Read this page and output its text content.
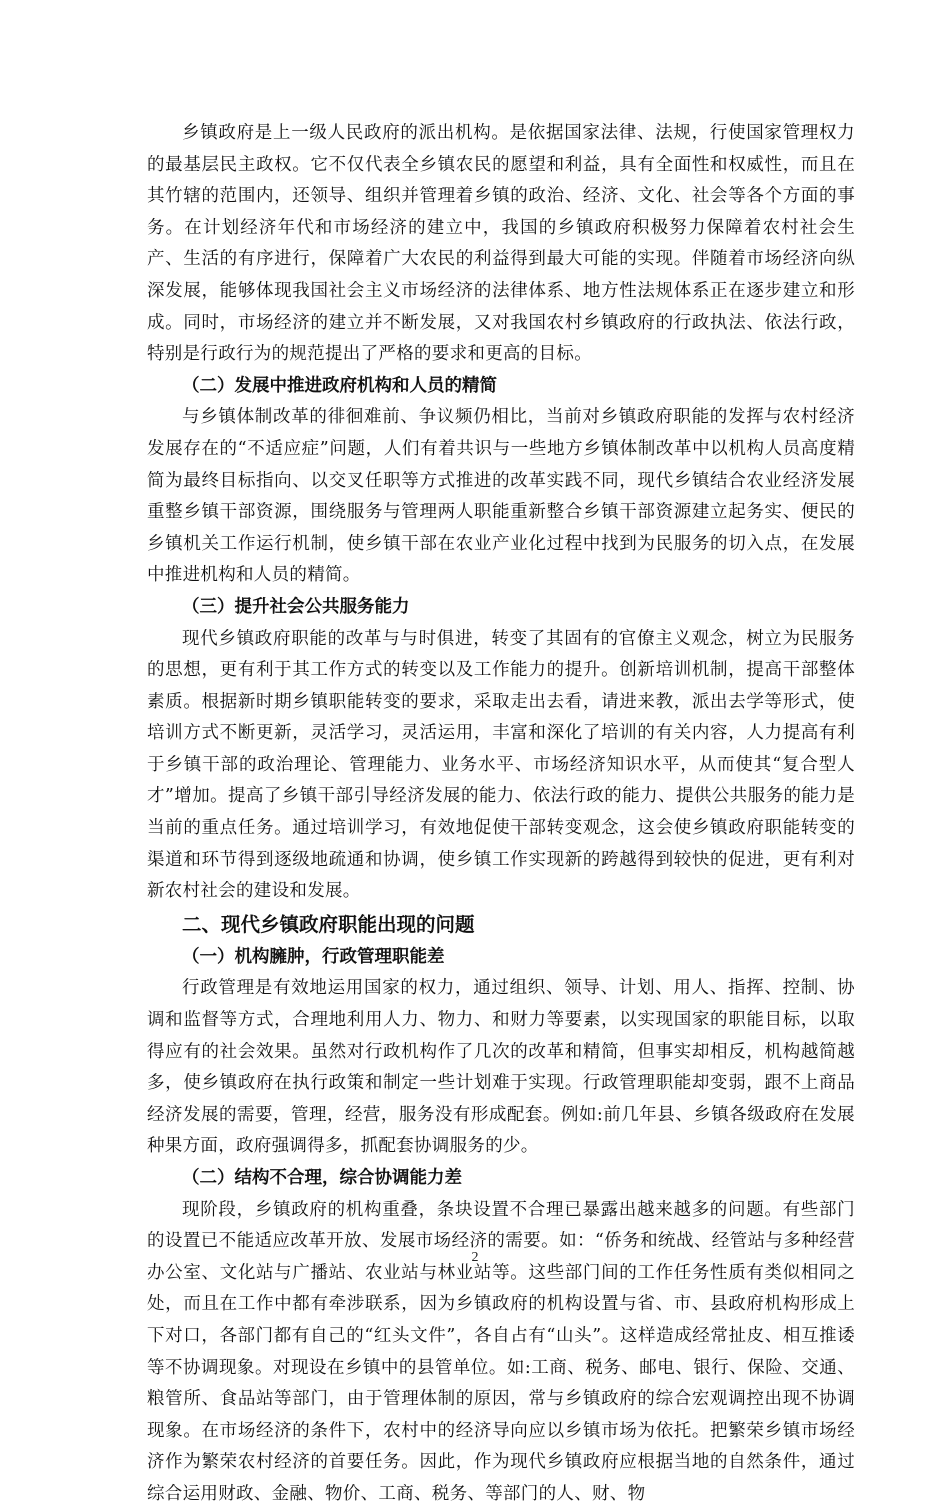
乡镇政府是上一级人民政府的派出机构。是依据国家法律、法规，行使国家管理权力的最基层民主政权。它不仅代表全乡镇农民的愿望和利益，具有全面性和权威性，而且在其竹辖的范围内，还领导、组织并管理着乡镇的政治、经济、文化、社会等各个方面的事务。在计划经济年代和市场经济的建立中，我国的乡镇政府积极努力保障着农村社会生产、生活的有序进行，保障着广大农民的利益得到最大可能的实现。伴随着市场经济向纵深发展，能够体现我国社会主义市场经济的法律体系、地方性法规体系正在逐步建立和形成。同时，市场经济的建立并不断发展，又对我国农村乡镇政府的行政执法、依法行政，特别是行政行为的规范提出了严格的要求和更高的目标。

（二）发展中推进政府机构和人员的精简

与乡镇体制改革的徘徊难前、争议频仍相比，当前对乡镇政府职能的发挥与农村经济发展存在的“不适应症”问题，人们有着共识与一些地方乡镇体制改革中以机构人员高度精简为最终目标指向、以交叉任职等方式推进的改革实践不同，现代乡镇结合农业经济发展重整乡镇干部资源，围绕服务与管理两人职能重新整合乡镇干部资源建立起务实、便民的乡镇机关工作运行机制，使乡镇干部在农业产业化过程中找到为民服务的切入点，在发展中推进机构和人员的精简。

（三）提升社会公共服务能力

现代乡镇政府职能的改革与与时俱进，转变了其固有的官僚主义观念，树立为民服务的思想，更有利于其工作方式的转变以及工作能力的提升。创新培训机制，提高干部整体素质。根据新时期乡镇职能转变的要求，采取走出去看，请进来教，派出去学等形式，使培训方式不断更新，灵活学习，灵活运用，丰富和深化了培训的有关内容，人力提高有利于乡镇干部的政治理论、管理能力、业务水平、市场经济知识水平，从而使其“复合型人才”增加。提高了乡镇干部引导经济发展的能力、依法行政的能力、提供公共服务的能力是当前的重点任务。通过培训学习，有效地促使干部转变观念，这会使乡镇政府职能转变的渠道和环节得到逐级地疏通和协调，使乡镇工作实现新的跨越得到较快的促进，更有利对新农村社会的建设和发展。

二、现代乡镇政府职能出现的问题
（一）机构臃肿，行政管理职能差

行政管理是有效地运用国家的权力，通过组织、领导、计划、用人、指挥、控制、协调和监督等方式，合理地利用人力、物力、和财力等要素，以实现国家的职能目标，以取得应有的社会效果。虽然对行政机构作了几次的改革和精简，但事实却相反，机构越简越多，使乡镇政府在执行政策和制定一些计划难于实现。行政管理职能却变弱，跟不上商品经济发展的需要，管理，经营，服务没有形成配套。例如:前几年县、乡镇各级政府在发展种果方面，政府强调得多，抓配套协调服务的少。

（二）结构不合理，综合协调能力差

现阶段，乡镇政府的机构重叠，条块设置不合理已暴露出越来越多的问题。有些部门的设置已不能适应改革开放、发展市场经济的需要。如：“侨务和统战、经管站与多种经营办公室、文化站与广播站、农业站与林业站等。这些部门间的工作任务性质有类似相同之处，而且在工作中都有牵涉联系，因为乡镇政府的机构设置与省、市、县政府机构形成上下对口，各部门都有自己的“红头文件”，各自占有“山头”。这样造成经常扯皮、相互推诿等不协调现象。对现设在乡镇中的县管单位。如:工商、税务、邮电、银行、保险、交通、粮管所、食品站等部门，由于管理体制的原因，常与乡镇政府的综合宏观调控出现不协调现象。在市场经济的条件下，农村中的经济导向应以乡镇市场为依托。把繁荣乡镇市场经济作为繁荣农村经济的首要任务。因此，作为现代乡镇政府应根据当地的自然条件，通过综合运用财政、金融、物价、工商、税务、等部门的人、财、物

2
